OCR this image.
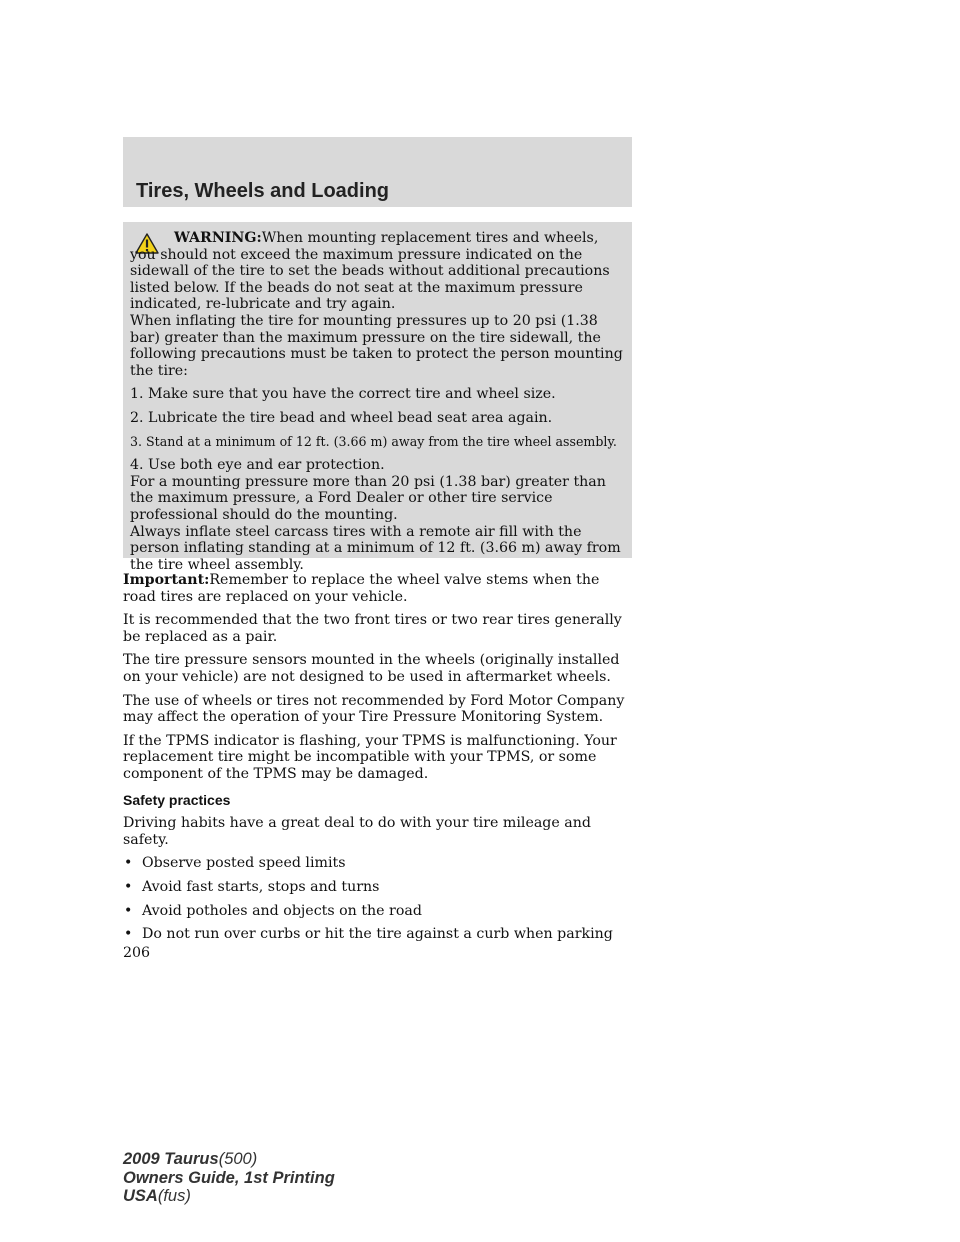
Tires, Wheels and Loading

WARNING:When mounting replacement tires and wheels, you should not exceed the maximum pressure indicated on the sidewall of the tire to set the beads without additional precautions listed below. If the beads do not seat at the maximum pressure indicated, re-lubricate and try again.

When inflating the tire for mounting pressures up to 20 psi (1.38 bar) greater than the maximum pressure on the tire sidewall, the following precautions must be taken to protect the person mounting the tire:

1. Make sure that you have the correct tire and wheel size.

2. Lubricate the tire bead and wheel bead seat area again.

3. Stand at a minimum of 12 ft. (3.66 m) away from the tire wheel assembly.

4. Use both eye and ear protection.

For a mounting pressure more than 20 psi (1.38 bar) greater than the maximum pressure, a Ford Dealer or other tire service professional should do the mounting.

Always inflate steel carcass tires with a remote air fill with the person inflating standing at a minimum of 12 ft. (3.66 m) away from the tire wheel assembly.

Important:Remember to replace the wheel valve stems when the road tires are replaced on your vehicle.

It is recommended that the two front tires or two rear tires generally be replaced as a pair.

The tire pressure sensors mounted in the wheels (originally installed on your vehicle) are not designed to be used in aftermarket wheels.

The use of wheels or tires not recommended by Ford Motor Company may affect the operation of your Tire Pressure Monitoring System.

If the TPMS indicator is flashing, your TPMS is malfunctioning. Your replacement tire might be incompatible with your TPMS, or some component of the TPMS may be damaged.

Safety practices

Driving habits have a great deal to do with your tire mileage and safety.

• Observe posted speed limits
• Avoid fast starts, stops and turns
• Avoid potholes and objects on the road
• Do not run over curbs or hit the tire against a curb when parking

206

2009 Taurus(500)
Owners Guide, 1st Printing
USA(fus)
